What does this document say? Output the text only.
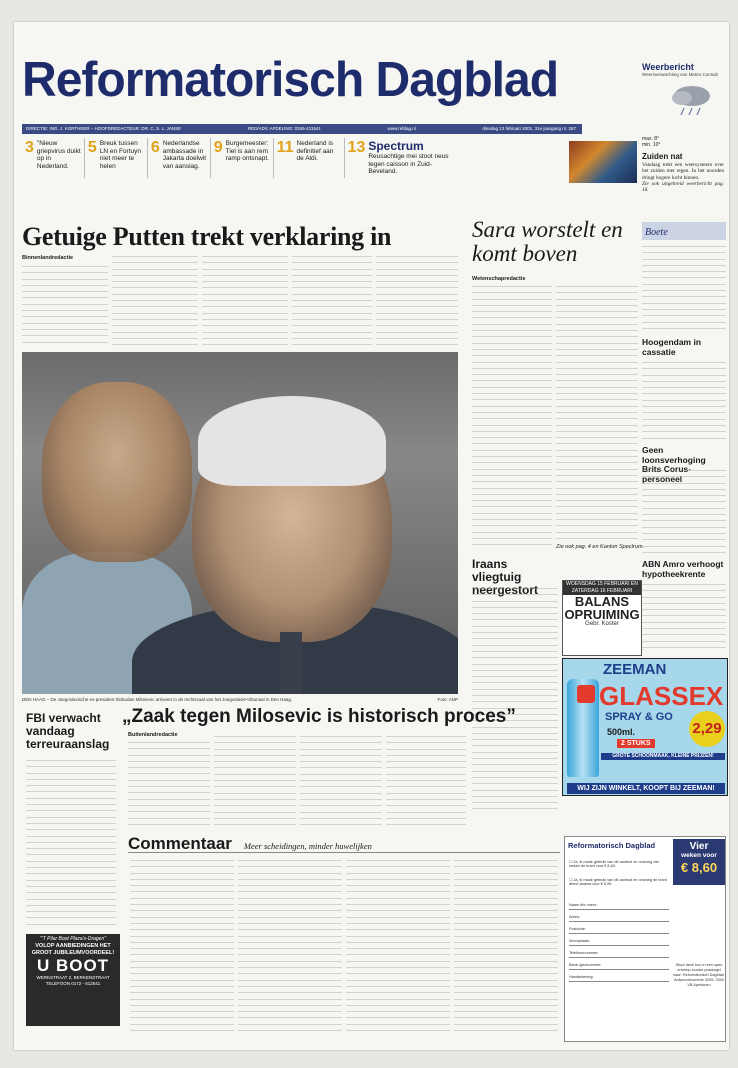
Reformatorisch Dagblad
DIRECTIE: ING. J. KORTHEER – HOOFDREDACTEUR: DR. C. S. L. JANSE	RED/ADV. AFDELING: 0345-411541	www.refdag.nl	dinsdag 13 februari 2001, 31e jaargang nr. 267
Weerbericht
Weersverwachting van Meteo Consult
max. 8°
min. 10°
Zuiden nat
Vandaag trekt een weersysteem over het zuiden met regen. In het noorden dringt hogere lucht binnen.
Zie ook uitgebreid weerbericht pag. 16.
3 "Nieuw griepvirus duikt op in Nederland.
5 Breuk tussen LN en Fortuyn niet meer te helen
6 Nederlandse ambassade in Jakarta doelwit van aanslag.
9 Burgemeester: Tiel is aan rem ramp ontsnapt.
11 Nederland is definitief aan de Aldi.
13 Spectrum
Reusachtige mei stoot neus tegen caisson in Zuid-Beveland.
Getuige Putten trekt verklaring in
Binnenlandredactie
DEN HAAG – De Joegoslavische ex-president Slobodan Milosevic arriveert in de rechtszaal van het Joegoslavië-tribunaal in Den Haag.	Foto: ANP
Sara worstelt en komt boven
Wetenschapredactie
Zie ook pag. 4 en Kanton Spectrum.
Boete
Hoogendam in cassatie
Geen loonsverhoging Brits Corus-personeel
ABN Amro verhoogt hypotheekrente
Iraans vliegtuig neergestort	WOENSDAG 15 FEBRUARI EN ZATERDAG 16 FEBRUARI
BALANS OPRUIMING
Gebr. Koster
ZEEMAN
GLASSEX
SPRAY & GO
500ml.	2,29
2 STUKS
GROTE SCHOONMAAK, KLEINE PRIJZEN!
WIJ ZIJN WINKELT, KOOPT BIJ ZEEMAN!
FBI verwacht vandaag terreuraanslag
„Zaak tegen Milosevic is historisch proces”
Buitenlandredactie
Commentaar Meer scheidingen, minder huwelijken
"'T Pilar Boot Plaza's-Dragen"
VOLOP AANBIEDINGEN HET GROOT JUBILEUMVOORDEEL!
U BOOT
WERKSTRAAT 2, BERKENSTRAAT TELEFOON 0172 - 612541
Reformatorisch Dagblad	Vier
weken voor
€ 8,60
☐ Ja, ik maak gebruik van dit aanbod en ontvang vier weken de krant voor € 8,60.
☐ Ja, ik maak gebruik van dit aanbod en ontvang de krant direct daarna voor € 6,99.
Naam dhr./mevr.:
Adres:
Postcode:
Woonplaats:
Telefoonnummer:
Bank-/gironummer:
Handtekening:
Stuur deze bon in een open envelop zonder postzegel naar: Reformatorisch Dagblad, Antwoordnummer 3205, 3300 VB Apeldoorn
